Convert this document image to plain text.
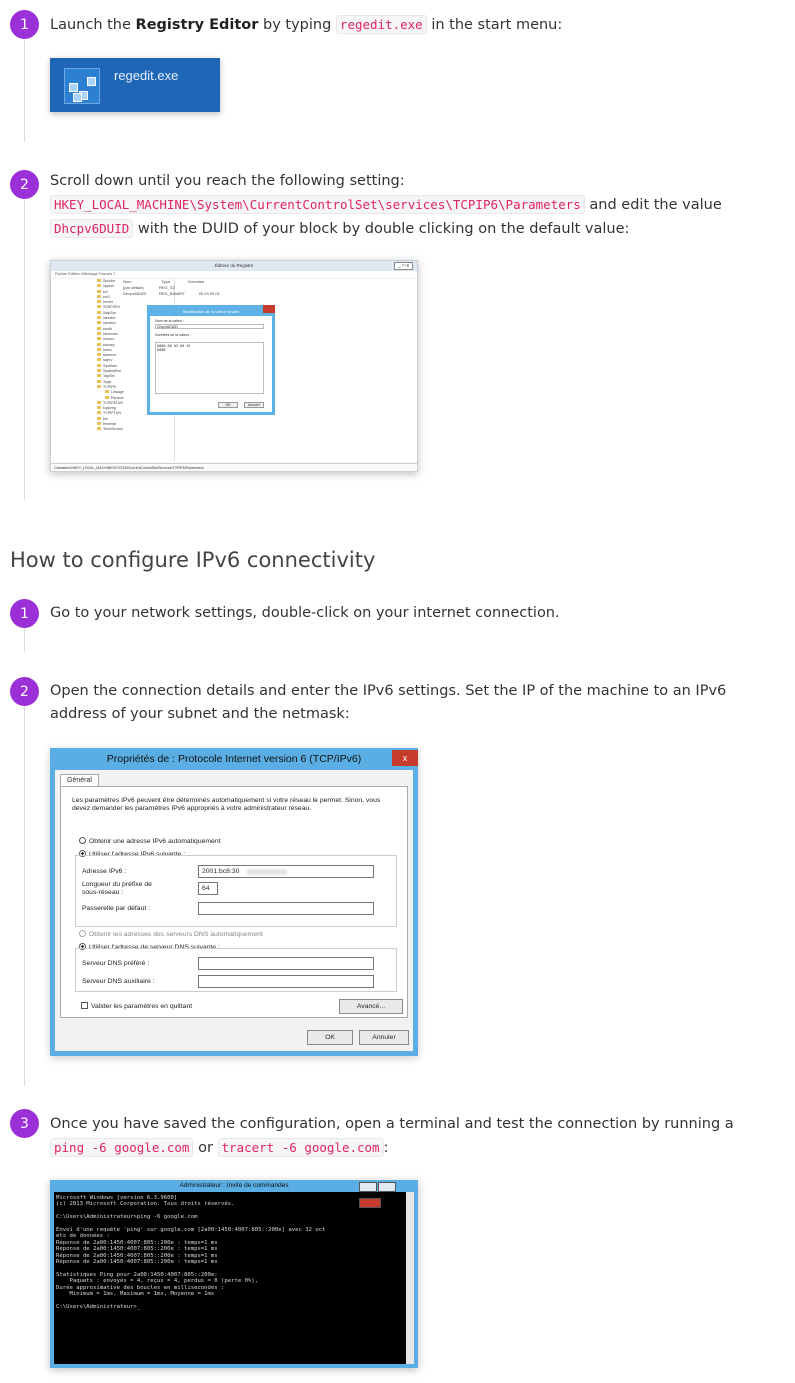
1	Launch the Registry Editor by typing regedit.exe in the start menu:
regedit.exe
2	Scroll down until you reach the following setting:
HKEY_LOCAL_MACHINE\System\CurrentControlSet\services\TCPIP6\Parameters and edit the value
Dhcpv6DUID with the DUID of your block by double clicking on the default value:
Éditeur du Registre	_ □ x
Fichier Edition Affichage Favoris ?
Spooler
sppsvc
srv
srv2
srvnet
SSDPSRV
SstpSvc
stexstor
storahci
storflt
stornvme
storsvc
storvsp
svsvc
swenum
swprv
SysMain
SystemEve
TapiSrv
Tcpip
TCPIP6
Linkage
Parame
TCPIP6TUN
tcpipreg
TCPIPTUN
tdx
terminpt
TermService
Nom	Type	Données
(par défaut)	REG_SZ
Dhcpv6DUID	REG_BINARY	00 03 00 01
Modification de la valeur binaire
Nom de la valeur :
Dhcpv6DUID
Données de la valeur :
0000 00 03 00 01
0008
OK	Annuler
Ordinateur\HKEY_LOCAL_MACHINE\SYSTEM\CurrentControlSet\Services\TCPIP6\Parameters
How to configure IPv6 connectivity
1	Go to your network settings, double-click on your internet connection.
2	Open the connection details and enter the IPv6 settings. Set the IP of the machine to an IPv6 address of your subnet and the netmask:
Propriétés de : Protocole Internet version 6 (TCP/IPv6)	x
Général
Les paramètres IPv6 peuvent être déterminés automatiquement si votre réseau le permet. Sinon, vous devez demander les paramètres IPv6 appropriés à votre administrateur réseau.
Obtenir une adresse IPv6 automatiquement
Utiliser l'adresse IPv6 suivante :
Adresse IPv6 :	2001:bc8:30
Longueur du préfixe de
sous-réseau :
64
Passerelle par défaut :
Obtenir les adresses des serveurs DNS automatiquement
Utiliser l'adresse de serveur DNS suivante :
Serveur DNS préféré :
Serveur DNS auxiliaire :
Valider les paramètres en quittant	Avancé...
OK	Annuler
3	Once you have saved the configuration, open a terminal and test the connection by running a
ping -6 google.com or tracert -6 google.com :
Administrateur : Invite de commandes
Microsoft Windows [version 6.3.9600]
(c) 2013 Microsoft Corporation. Tous droits réservés.

C:\Users\Administrateur>ping -6 google.com

Envoi d'une requête 'ping' sur google.com [2a00:1450:4007:805::200e] avec 32 oct
ets de données :
Réponse de 2a00:1450:4007:805::200e : temps=1 ms
Réponse de 2a00:1450:4007:805::200e : temps=1 ms
Réponse de 2a00:1450:4007:805::200e : temps=1 ms
Réponse de 2a00:1450:4007:805::200e : temps=1 ms

Statistiques Ping pour 2a00:1450:4007:805::200e:
Paquets : envoyés = 4, reçus = 4, perdus = 0 (perte 0%),
Durée approximative des boucles en millisecondes :
Minimum = 1ms, Maximum = 1ms, Moyenne = 1ms

C:\Users\Administrateur>_
